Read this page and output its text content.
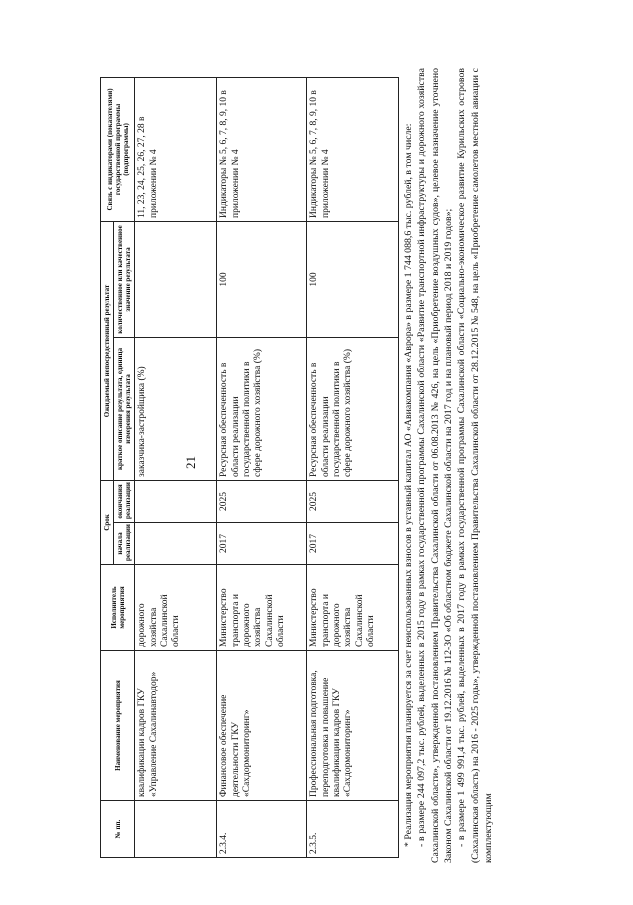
21
№ пп.	Наименование мероприятия	Исполнитель мероприятия	Срок		Ожидаемый непосредственный результат		Связь с индикаторами (показателями) государственной программы (подпрограммы)
			начала реализации	окончания реализации	краткое описание результата, единица измерения результата	количественное или качественное значение результата	
	квалификации кадров ГКУ «Управление Сахалинавтодор»	дорожного хозяйства Сахалинской области			заказчика-застройщика (%)		11, 23, 24, 25, 26, 27, 28 в приложении № 4
2.3.4.	Финансовое обеспечение деятельности ГКУ «Сахдормониторинг»	Министерство транспорта и дорожного хозяйства Сахалинской области	2017	2025	Ресурсная обеспеченность в области реализации государственной политики в сфере дорожного хозяйства (%)	100	Индикаторы № 5, 6, 7, 8, 9, 10 в приложении № 4
2.3.5.	Профессиональная подготовка, переподготовка и повышение квалификации кадров ГКУ «Сахдормониторинг»	Министерство транспорта и дорожного хозяйства Сахалинской области	2017	2025	Ресурсная обеспеченность в области реализации государственной политики в сфере дорожного хозяйства (%)	100	Индикаторы № 5, 6, 7, 8, 9, 10 в приложении № 4	* Реализация мероприятия планируется за счет неиспользованных взносов в уставный капитал АО «Авиакомпания «Аврора» в размере 1 744 088,6 тыс. рублей, в том числе: - в размере 244 097,2 тыс. рублей, выделенных в 2015 году в рамках государственной программы Сахалинской области «Развитие транспортной инфраструктуры и дорожного хозяйства Сахалинской области», утвержденной постановлением Правительства Сахалинской области от 06.08.2013 № 426, на цель «Приобретение воздушных судов», целевое назначение уточнено Законом Сахалинской области от 19.12.2016 № 112-ЗО «Об областном бюджете Сахалинской области на 2017 год и на плановый период 2018 и 2019 годов»; - в размере 1 499 991,4 тыс. рублей, выделенных в 2017 году в рамках государственной программы Сахалинской области «Социально-экономическое развитие Курильских островов (Сахалинская область) на 2016 - 2025 годы», утвержденной постановлением Правительства Сахалинской области от 28.12.2015 № 548, на цель «Приобретение самолетов местной авиации с комплектующим
